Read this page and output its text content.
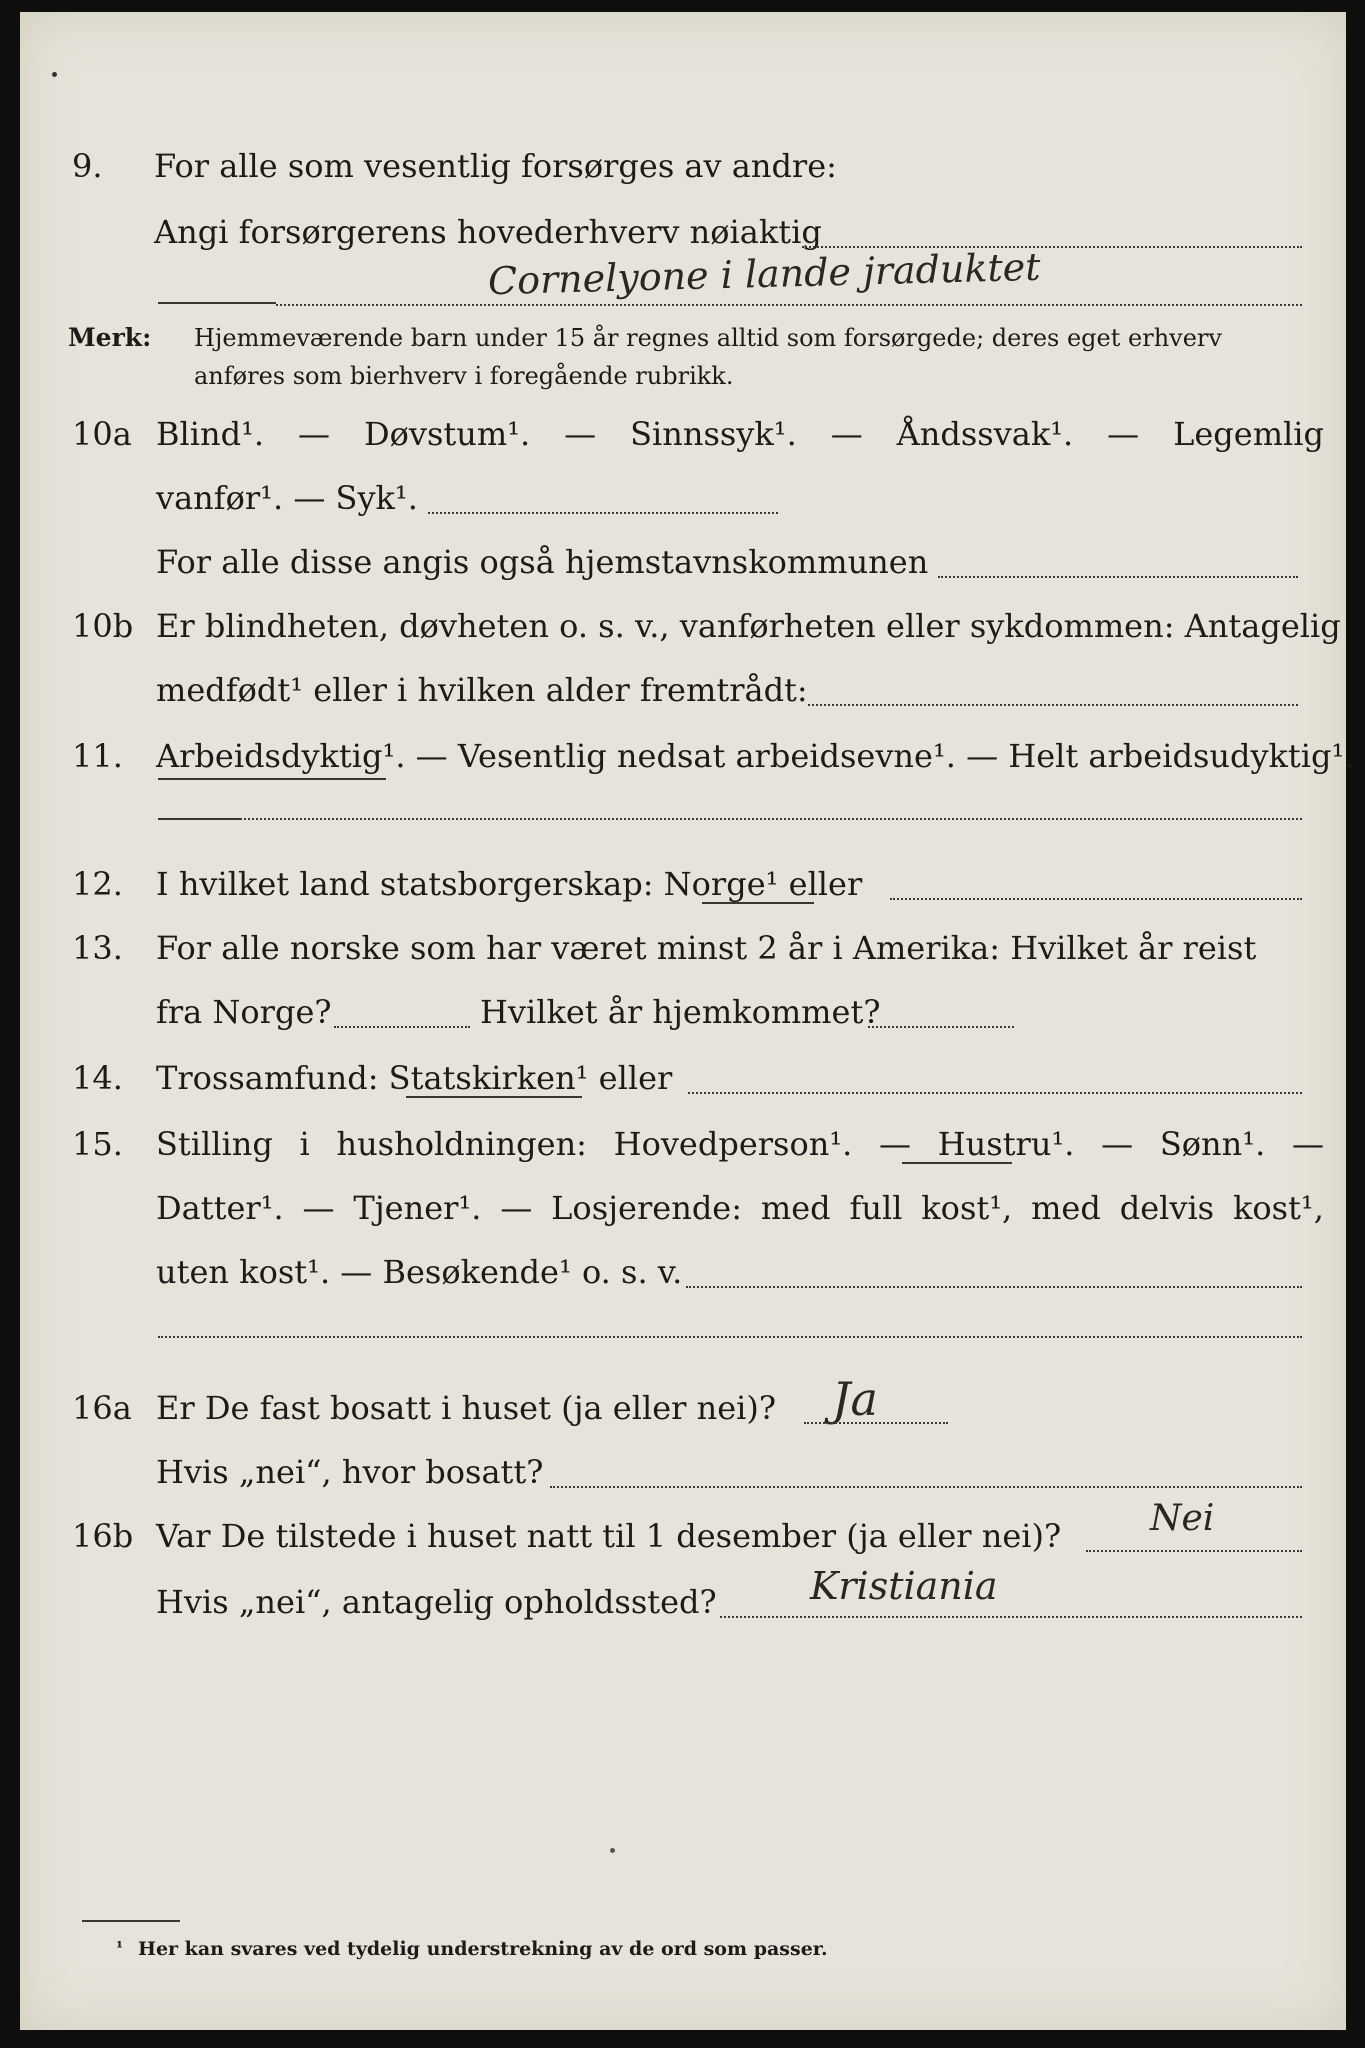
9.	For alle som vesentlig forsørges av andre:
Angi forsørgerens hovederhverv nøiaktig
Cornelyone i lande jraduktet
Merk: Hjemmeværende barn under 15 år regnes alltid som forsørgede; deres eget erhverv
anføres som bierhverv i foregående rubrikk.
10a Blind¹. — Døvstum¹. — Sinnssyk¹. — Åndssvak¹. — Legemlig
vanfør¹. — Syk¹.
For alle disse angis også hjemstavnskommunen
10b Er blindheten, døvheten o. s. v., vanførheten eller sykdommen: Antagelig
medfødt¹ eller i hvilken alder fremtrådt:
11.	Arbeidsdyktig¹. — Vesentlig nedsat arbeidsevne¹. — Helt arbeidsudyktig¹.
12.	I hvilket land statsborgerskap: Norge¹ eller
13.	For alle norske som har været minst 2 år i Amerika: Hvilket år reist
fra Norge?	Hvilket år hjemkommet?
14.	Trossamfund: Statskirken¹ eller
15.	Stilling i husholdningen: Hovedperson¹. — Hustru¹. — Sønn¹. —
Datter¹. — Tjener¹. — Losjerende: med full kost¹, med delvis kost¹,
uten kost¹. — Besøkende¹ o. s. v.
16a Er De fast bosatt i huset (ja eller nei)? Ja
Hvis „nei“, hvor bosatt?
16b Var De tilstede i huset natt til 1 desember (ja eller nei)? Nei
Hvis „nei“, antagelig opholdssted? Kristiania
¹ Her kan svares ved tydelig understrekning av de ord som passer.
